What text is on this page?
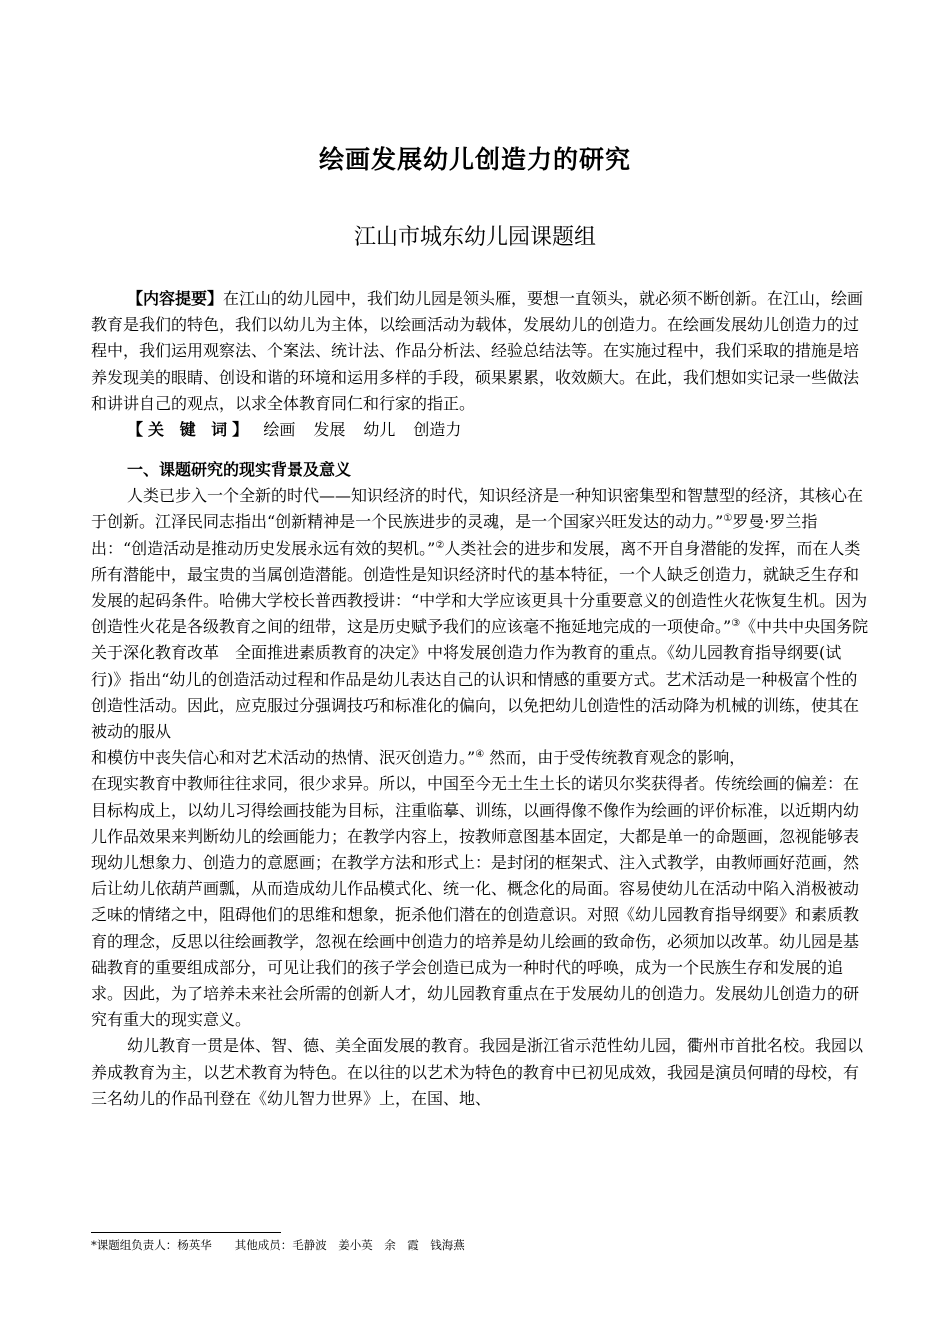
绘画发展幼儿创造力的研究
江山市城东幼儿园课题组

【内容提要】在江山的幼儿园中，我们幼儿园是领头雁，要想一直领头，就必须不断创新。在江山，绘画教育是我们的特色，我们以幼儿为主体，以绘画活动为载体，发展幼儿的创造力。在绘画发展幼儿创造力的过程中，我们运用观察法、个案法、统计法、作品分析法、经验总结法等。在实施过程中，我们采取的措施是培养发现美的眼睛、创设和谐的环境和运用多样的手段，硕果累累，收效颇大。在此，我们想如实记录一些做法和讲讲自己的观点，以求全体教育同仁和行家的指正。

【关 键 词】 绘画 发展 幼儿 创造力

一、课题研究的现实背景及意义

人类已步入一个全新的时代——知识经济的时代，知识经济是一种知识密集型和智慧型的经济，其核心在于创新。江泽民同志指出“创新精神是一个民族进步的灵魂，是一个国家兴旺发达的动力。”①罗曼·罗兰指出：“创造活动是推动历史发展永远有效的契机。”②人类社会的进步和发展，离不开自身潜能的发挥，而在人类所有潜能中，最宝贵的当属创造潜能。创造性是知识经济时代的基本特征，一个人缺乏创造力，就缺乏生存和发展的起码条件。哈佛大学校长普西教授讲：“中学和大学应该更具十分重要意义的创造性火花恢复生机。因为创造性火花是各级教育之间的纽带，这是历史赋予我们的应该毫不拖延地完成的一项使命。”③《中共中央国务院关于深化教育改革　全面推进素质教育的决定》中将发展创造力作为教育的重点。《幼儿园教育指导纲要(试行)》指出“幼儿的创造活动过程和作品是幼儿表达自己的认识和情感的重要方式。艺术活动是一种极富个性的创造性活动。因此，应克服过分强调技巧和标准化的偏向，以免把幼儿创造性的活动降为机械的训练，使其在被动的服从

和模仿中丧失信心和对艺术活动的热情、泯灭创造力。”④ 然而，由于受传统教育观念的影响，

在现实教育中教师往往求同，很少求异。所以，中国至今无土生土长的诺贝尔奖获得者。传统绘画的偏差：在目标构成上，以幼儿习得绘画技能为目标，注重临摹、训练，以画得像不像作为绘画的评价标准，以近期内幼儿作品效果来判断幼儿的绘画能力；在教学内容上，按教师意图基本固定，大都是单一的命题画，忽视能够表现幼儿想象力、创造力的意愿画；在教学方法和形式上：是封闭的框架式、注入式教学，由教师画好范画，然后让幼儿依葫芦画瓢，从而造成幼儿作品模式化、统一化、概念化的局面。容易使幼儿在活动中陷入消极被动乏味的情绪之中，阻碍他们的思维和想象，扼杀他们潜在的创造意识。对照《幼儿园教育指导纲要》和素质教育的理念，反思以往绘画教学，忽视在绘画中创造力的培养是幼儿绘画的致命伤，必须加以改革。幼儿园是基础教育的重要组成部分，可见让我们的孩子学会创造已成为一种时代的呼唤，成为一个民族生存和发展的追求。因此，为了培养未来社会所需的创新人才，幼儿园教育重点在于发展幼儿的创造力。发展幼儿创造力的研究有重大的现实意义。

幼儿教育一贯是体、智、德、美全面发展的教育。我园是浙江省示范性幼儿园，衢州市首批名校。我园以养成教育为主，以艺术教育为特色。在以往的以艺术为特色的教育中已初见成效，我园是演员何晴的母校，有三名幼儿的作品刊登在《幼儿智力世界》上，在国、地、

*课题组负责人：杨英华　　其他成员：毛静波　姜小英　余　霞　钱海燕
